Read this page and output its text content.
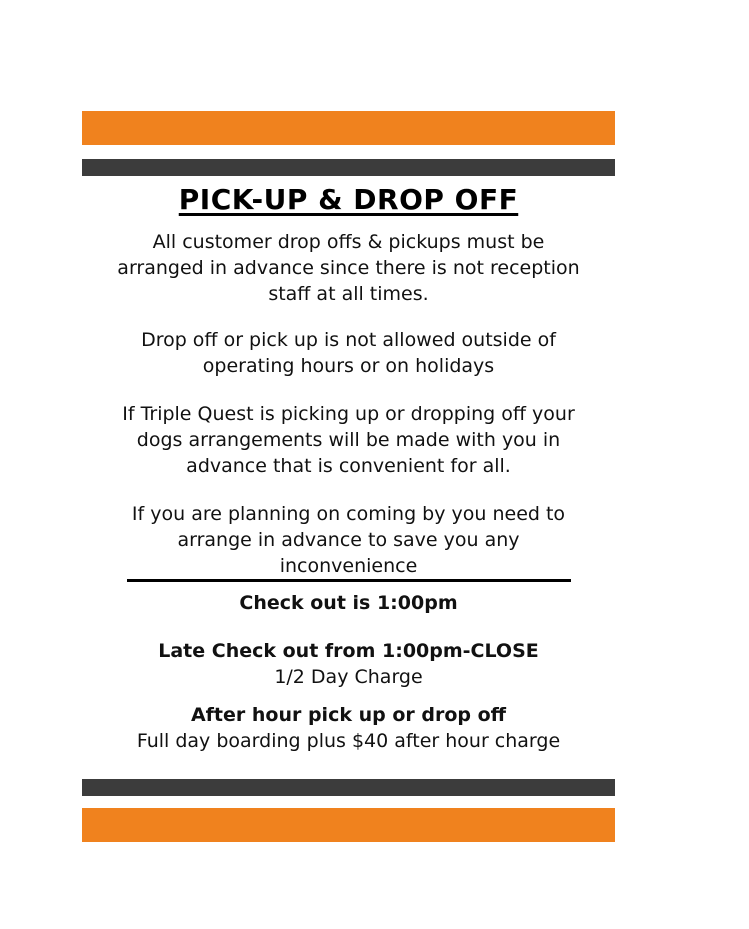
PICK-UP & DROP OFF

All customer drop offs & pickups must be
arranged in advance since there is not reception
staff at all times.

Drop off or pick up is not allowed outside of
operating hours or on holidays

If Triple Quest is picking up or dropping off your
dogs arrangements will be made with you in
advance that is convenient for all.

If you are planning on coming by you need to
arrange in advance to save you any
inconvenience

Check out is 1:00pm

Late Check out from 1:00pm-CLOSE

1/2 Day Charge

After hour pick up or drop off

Full day boarding plus $40 after hour charge
